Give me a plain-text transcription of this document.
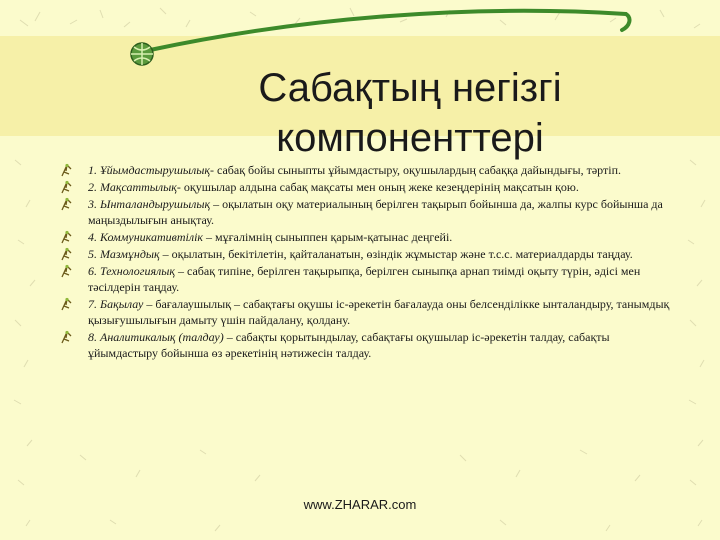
Сабақтың негізгі
компоненттері
1. Ұйымдастырушылық- сабақ бойы сыныпты ұйымдастыру, оқушылардың сабаққа дайындығы, тәртіп.
2. Мақсаттылық- оқушылар алдына сабақ мақсаты мен оның жеке кезеңдерінің мақсатын қою.
3. Ынталандырушылық – оқылатын оқу материалының берілген тақырып бойынша да, жалпы курс бойынша да маңыздылығын анықтау.
4. Коммуникативтілік – мұғалімнің сыныппен қарым-қатынас деңгейі.
5. Мазмұндық – оқылатын, бекітілетін, қайталанатын, өзіндік жұмыстар және т.с.с. материалдарды таңдау.
6. Технологиялық – сабақ типіне, берілген тақырыпқа, берілген сыныпқа арнап тиімді оқыту түрін, әдісі мен тәсілдерін таңдау.
7. Бақылау – бағалаушылық – сабақтағы оқушы іс-әрекетін бағалауда оны белсенділікке ынталандыру, танымдық қызығушылығын дамыту үшін пайдалану, қолдану.
8. Аналитикалық (талдау) – сабақты қорытындылау, сабақтағы оқушылар іс-әрекетін талдау, сабақты ұйымдастыру бойынша өз әрекетінің нәтижесін талдау.
www.ZHARAR.com
